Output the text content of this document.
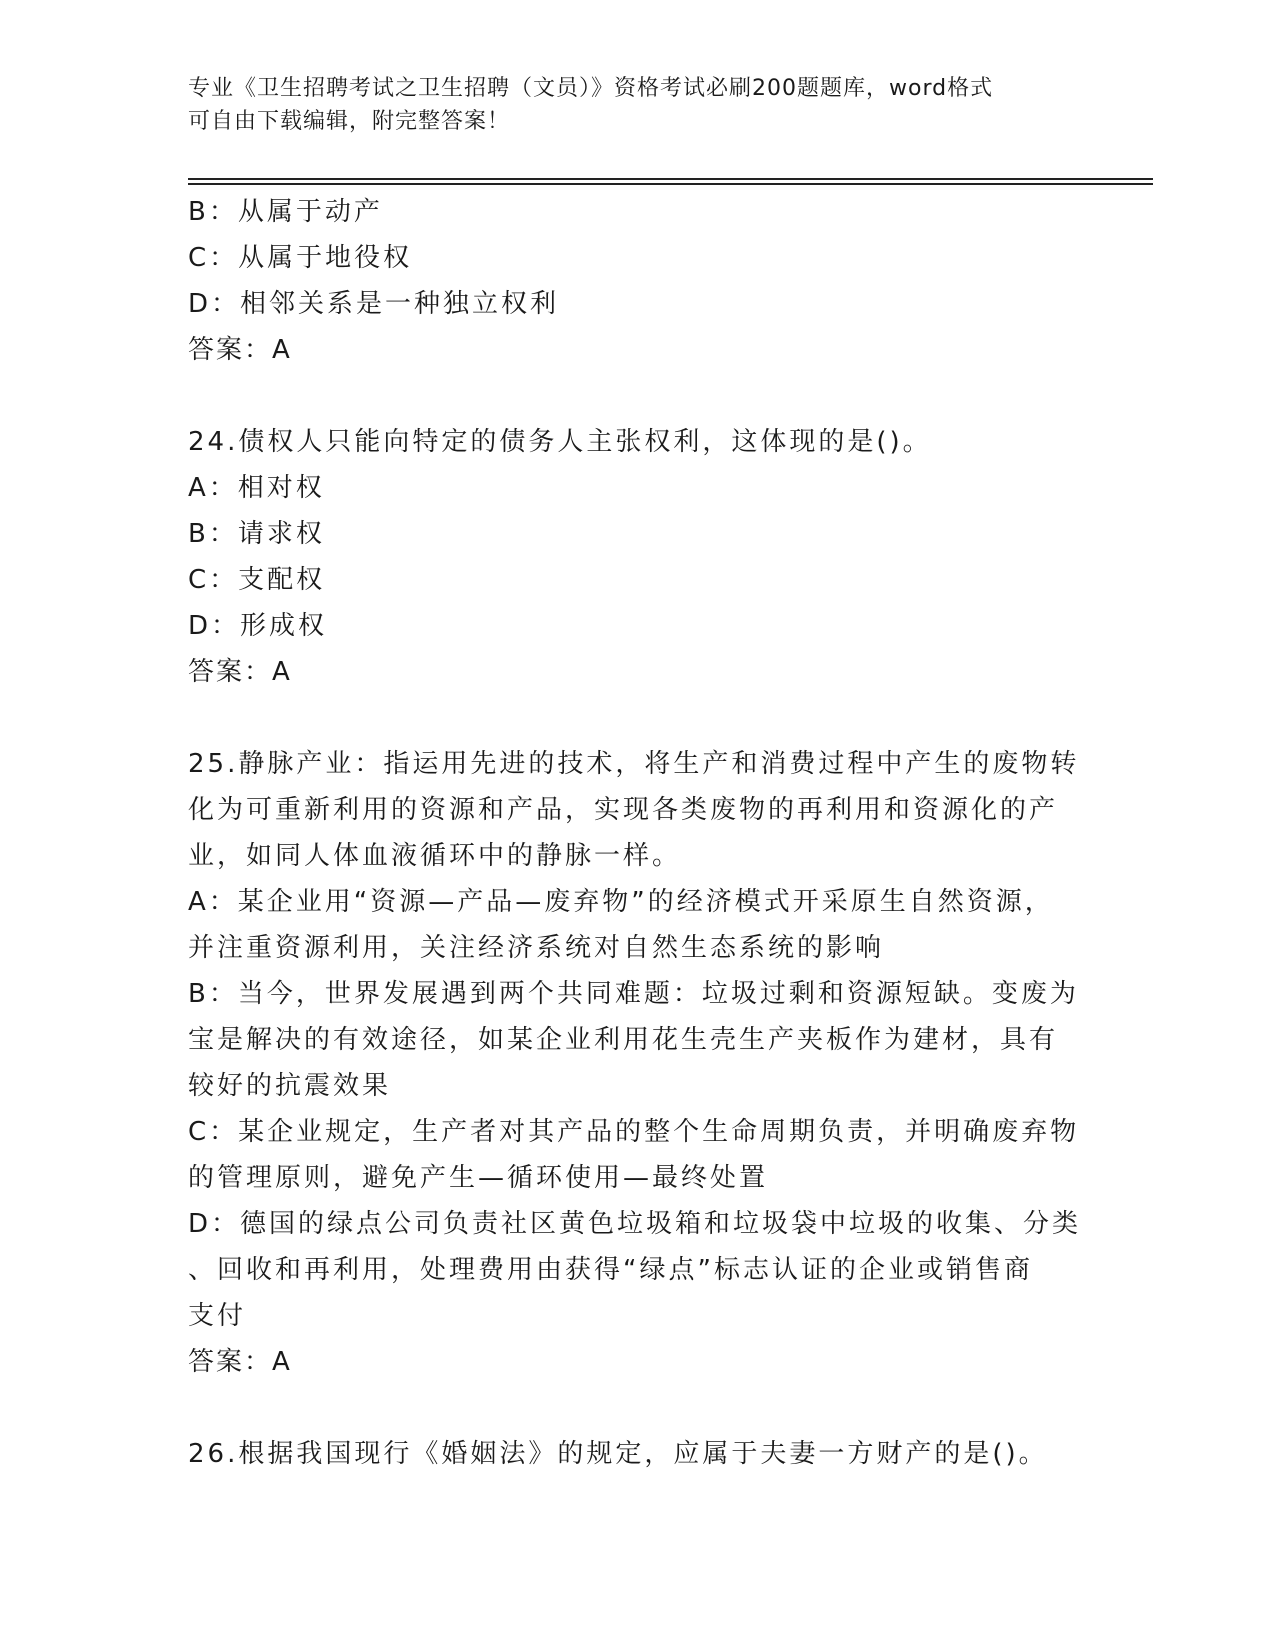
专业《卫生招聘考试之卫生招聘（文员）》资格考试必刷200题题库，word格式
可自由下载编辑，附完整答案！
B：从属于动产
C：从属于地役权
D：相邻关系是一种独立权利
答案：A
24.债权人只能向特定的债务人主张权利，这体现的是()。
A：相对权
B：请求权
C：支配权
D：形成权
答案：A
25.静脉产业：指运用先进的技术，将生产和消费过程中产生的废物转
化为可重新利用的资源和产品，实现各类废物的再利用和资源化的产
业，如同人体血液循环中的静脉一样。
A：某企业用“资源—产品—废弃物”的经济模式开采原生自然资源，
并注重资源利用，关注经济系统对自然生态系统的影响
B：当今，世界发展遇到两个共同难题：垃圾过剩和资源短缺。变废为
宝是解决的有效途径，如某企业利用花生壳生产夹板作为建材，具有
较好的抗震效果
C：某企业规定，生产者对其产品的整个生命周期负责，并明确废弃物
的管理原则，避免产生—循环使用—最终处置
D：德国的绿点公司负责社区黄色垃圾箱和垃圾袋中垃圾的收集、分类
、回收和再利用，处理费用由获得“绿点”标志认证的企业或销售商
支付
答案：A
26.根据我国现行《婚姻法》的规定，应属于夫妻一方财产的是()。
